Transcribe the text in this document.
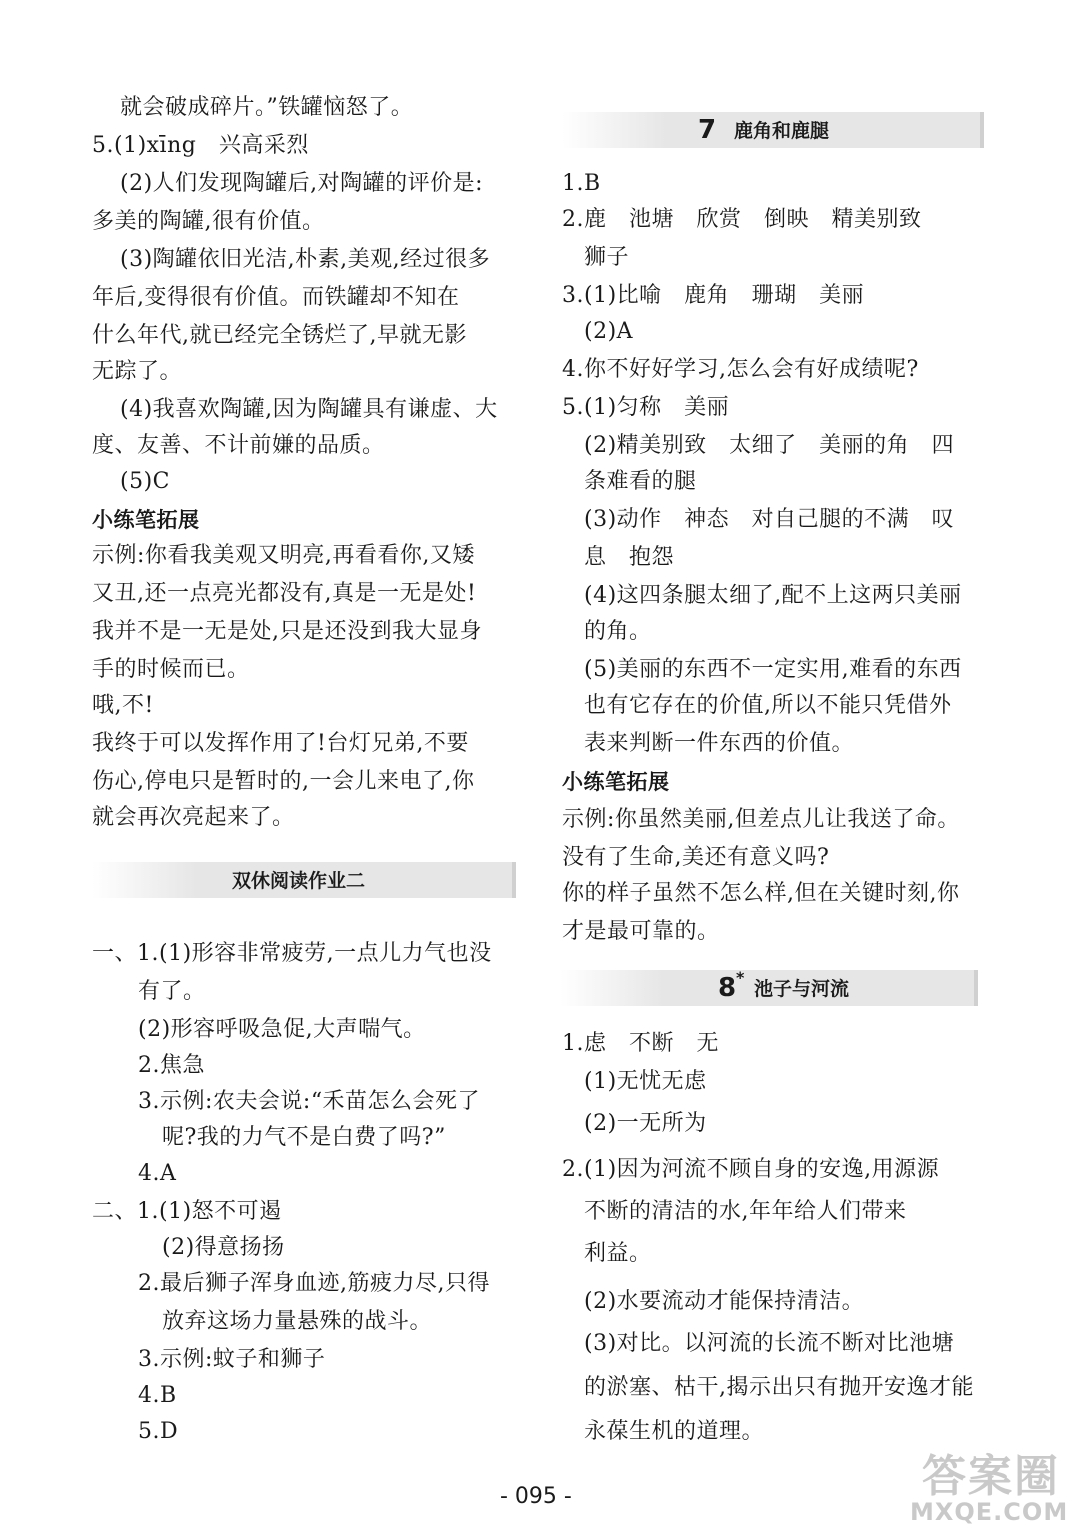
就会破成碎片。”铁罐恼怒了。
5.(1)xīng　兴高采烈
(2)人们发现陶罐后,对陶罐的评价是:
多美的陶罐,很有价值。
(3)陶罐依旧光洁,朴素,美观,经过很多
年后,变得很有价值。而铁罐却不知在
什么年代,就已经完全锈烂了,早就无影
无踪了。
(4)我喜欢陶罐,因为陶罐具有谦虚、大
度、友善、不计前嫌的品质。
(5)C
小练笔拓展
示例:你看我美观又明亮,再看看你,又矮
又丑,还一点亮光都没有,真是一无是处!
我并不是一无是处,只是还没到我大显身
手的时候而已。
哦,不!
我终于可以发挥作用了!台灯兄弟,不要
伤心,停电只是暂时的,一会儿来电了,你
就会再次亮起来了。
双休阅读作业二
一、1.(1)形容非常疲劳,一点儿力气也没
有了。
(2)形容呼吸急促,大声喘气。
2.焦急
3.示例:农夫会说:“禾苗怎么会死了
呢?我的力气不是白费了吗?”
4.A
二、1.(1)怒不可遏
(2)得意扬扬
2.最后狮子浑身血迹,筋疲力尽,只得
放弃这场力量悬殊的战斗。
3.示例:蚊子和狮子
4.B
5.D
7 鹿角和鹿腿
1.B
2.鹿　池塘　欣赏　倒映　精美别致
狮子
3.(1)比喻　鹿角　珊瑚　美丽
(2)A
4.你不好好学习,怎么会有好成绩呢?
5.(1)匀称　美丽
(2)精美别致　太细了　美丽的角　四
条难看的腿
(3)动作　神态　对自己腿的不满　叹
息　抱怨
(4)这四条腿太细了,配不上这两只美丽
的角。
(5)美丽的东西不一定实用,难看的东西
也有它存在的价值,所以不能只凭借外
表来判断一件东西的价值。
小练笔拓展
示例:你虽然美丽,但差点儿让我送了命。
没有了生命,美还有意义吗?
你的样子虽然不怎么样,但在关键时刻,你
才是最可靠的。
8 *
池子与河流
1.虑　不断　无
(1)无忧无虑
(2)一无所为
2.(1)因为河流不顾自身的安逸,用源源
不断的清洁的水,年年给人们带来
利益。
(2)水要流动才能保持清洁。
(3)对比。以河流的长流不断对比池塘
的淤塞、枯干,揭示出只有抛开安逸才能
永葆生机的道理。
- 095 -	答案圈
MXQE.COM
